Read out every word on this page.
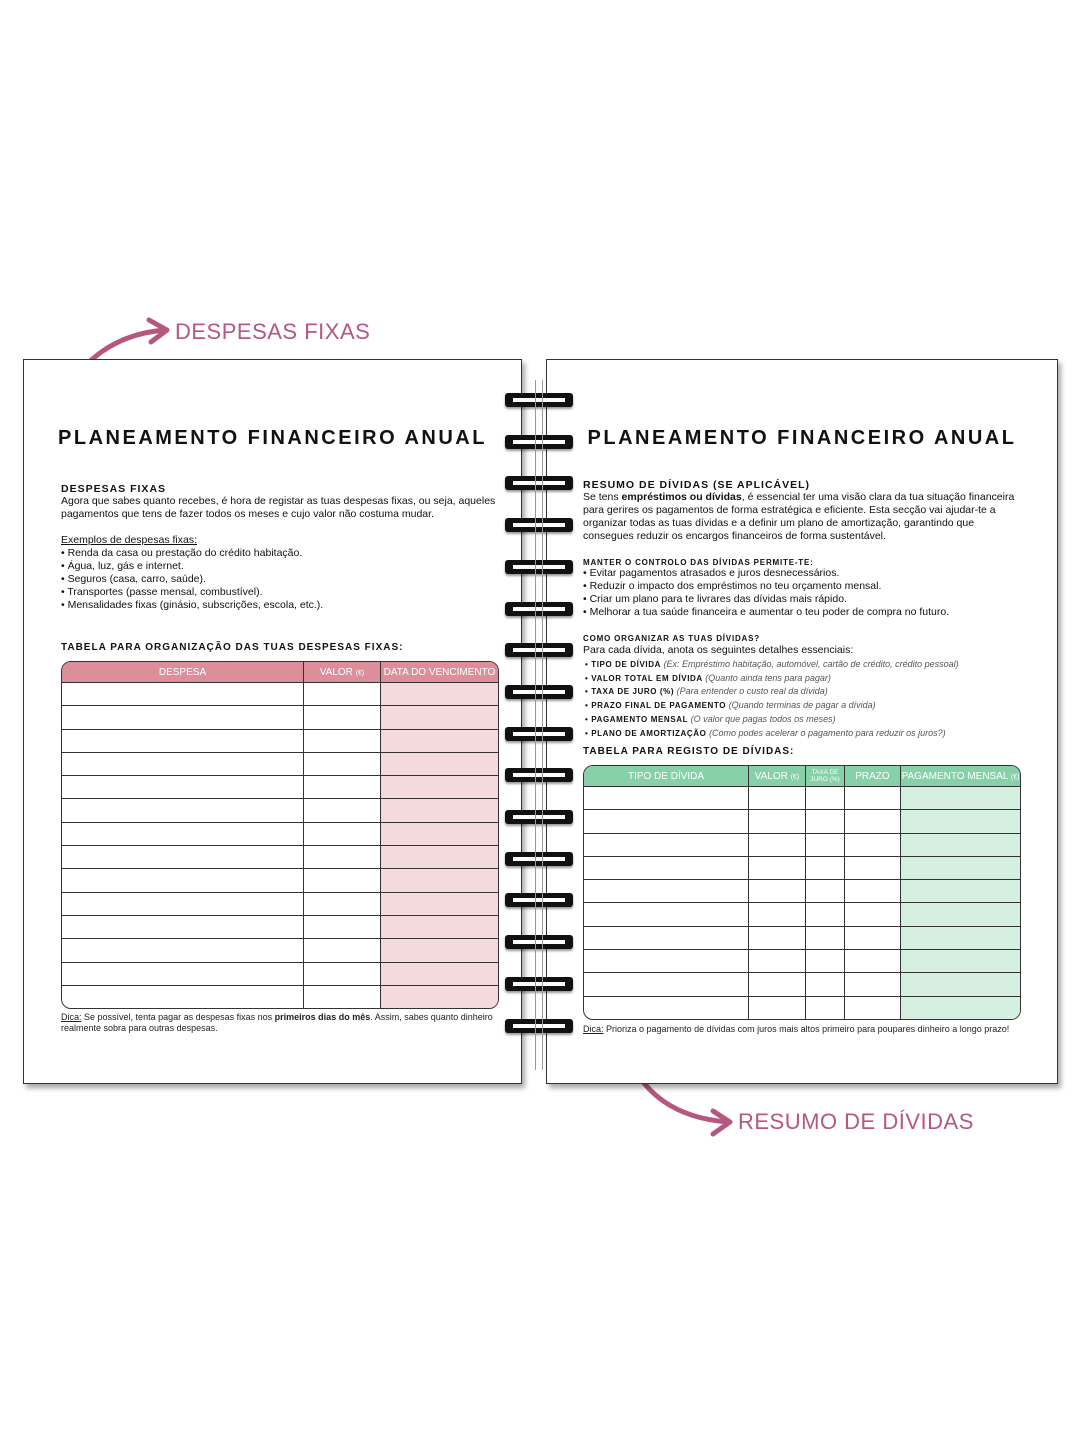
DESPESAS FIXAS
RESUMO DE DÍVIDAS
PLANEAMENTO FINANCEIRO ANUAL
DESPESAS FIXAS
Agora que sabes quanto recebes, é hora de registar as tuas despesas fixas, ou seja, aqueles pagamentos que tens de fazer todos os meses e cujo valor não costuma mudar.
Exemplos de despesas fixas:
• Renda da casa ou prestação do crédito habitação.
• Água, luz, gás e internet.
• Seguros (casa, carro, saúde).
• Transportes (passe mensal, combustível).
• Mensalidades fixas (ginásio, subscrições, escola, etc.).
TABELA PARA ORGANIZAÇÃO DAS TUAS DESPESAS FIXAS:
DESPESA	VALOR (€)	DATA DO VENCIMENTO

Dica: Se possível, tenta pagar as despesas fixas nos primeiros dias do mês. Assim, sabes quanto dinheiro realmente sobra para outras despesas.
PLANEAMENTO FINANCEIRO ANUAL
RESUMO DE DÍVIDAS (SE APLICÁVEL)
Se tens empréstimos ou dívidas, é essencial ter uma visão clara da tua situação financeira para gerires os pagamentos de forma estratégica e eficiente. Esta secção vai ajudar-te a organizar todas as tuas dívidas e a definir um plano de amortização, garantindo que consegues reduzir os encargos financeiros de forma sustentável.
MANTER O CONTROLO DAS DÍVIDAS PERMITE-TE:
• Evitar pagamentos atrasados e juros desnecessários.
• Reduzir o impacto dos empréstimos no teu orçamento mensal.
• Criar um plano para te livrares das dívidas mais rápido.
• Melhorar a tua saúde financeira e aumentar o teu poder de compra no futuro.
COMO ORGANIZAR AS TUAS DÍVIDAS?
Para cada dívida, anota os seguintes detalhes essenciais:
• TIPO DE DÍVIDA (Ex: Empréstimo habitação, automóvel, cartão de crédito, crédito pessoal)
• VALOR TOTAL EM DÍVIDA (Quanto ainda tens para pagar)
• TAXA DE JURO (%) (Para entender o custo real da dívida)
• PRAZO FINAL DE PAGAMENTO (Quando terminas de pagar a dívida)
• PAGAMENTO MENSAL (O valor que pagas todos os meses)
• PLANO DE AMORTIZAÇÃO (Como podes acelerar o pagamento para reduzir os juros?)
TABELA PARA REGISTO DE DÍVIDAS:
TIPO DE DÍVIDA	VALOR (€)	TAXA DE JURO (%)	PRAZO	PAGAMENTO MENSAL (€)

Dica: Prioriza o pagamento de dívidas com juros mais altos primeiro para poupares dinheiro a longo prazo!
